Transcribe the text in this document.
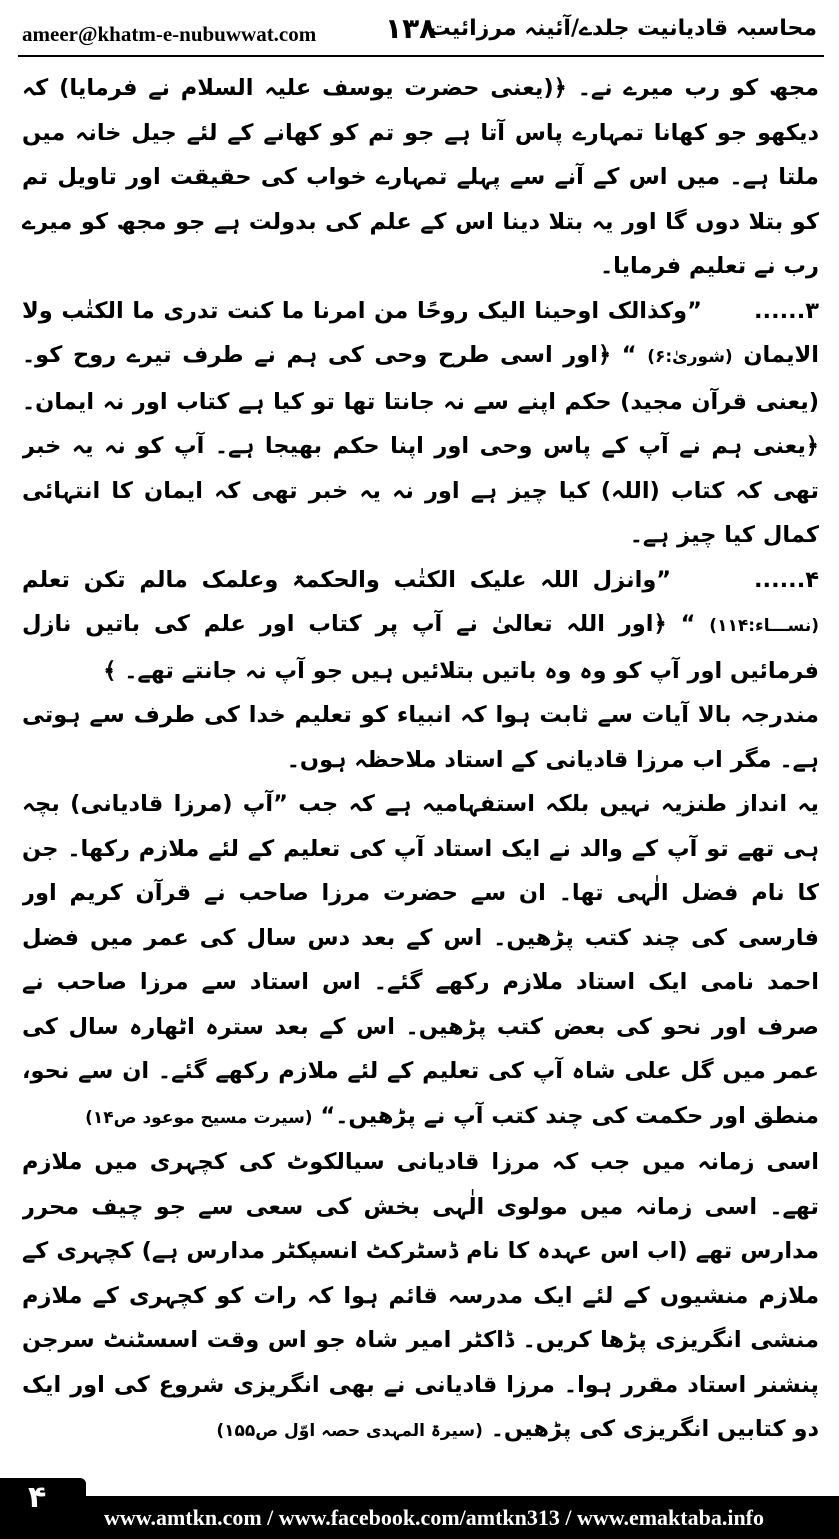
ameer@khatm-e-nubuwwat.com ۱۳۸
محاسبہ قادیانیت جلدے/آئینہ مرزائیت

مجھ کو رب میرے نے۔ ﴿(یعنی حضرت یوسف علیہ السلام نے فرمایا) کہ دیکھو جو کھانا تمہارے پاس آتا ہے جو تم کو کھانے کے لئے جیل خانہ میں ملتا ہے۔ میں اس کے آنے سے پہلے تمہارے خواب کی حقیقت اور تاویل تم کو بتلا دوں گا اور یہ بتلا دینا اس کے علم کی بدولت ہے جو مجھ کو میرے رب نے تعلیم فرمایا۔

۳......      ”وکذالک اوحینا الیک روحًا من امرنا ما کنت تدری ما الکتٰب ولا الایمان (شوریٰ:۶) “ ﴿اور اسی طرح وحی کی ہم نے طرف تیرے روح کو۔ (یعنی قرآن مجید) حکم اپنے سے نہ جانتا تھا تو کیا ہے کتاب اور نہ ایمان۔ ﴿یعنی ہم نے آپ کے پاس وحی اور اپنا حکم بھیجا ہے۔ آپ کو نہ یہ خبر تھی کہ کتاب (اللہ) کیا چیز ہے اور نہ یہ خبر تھی کہ ایمان کا انتہائی کمال کیا چیز ہے۔

۴......      ”وانزل اللہ علیک الکتٰب والحکمۃ وعلمک مالم تکن تعلم (نســـاء:۱۱۴) “ ﴿اور اللہ تعالیٰ نے آپ پر کتاب اور علم کی باتیں نازل فرمائیں اور آپ کو وہ وہ باتیں بتلائیں ہیں جو آپ نہ جانتے تھے۔ ﴾

مندرجہ بالا آیات سے ثابت ہوا کہ انبیاء کو تعلیم خدا کی طرف سے ہوتی ہے۔ مگر اب مرزا قادیانی کے استاد ملاحظہ ہوں۔

یہ انداز طنزیہ نہیں بلکہ استفہامیہ ہے کہ جب ”آپ (مرزا قادیانی) بچہ ہی تھے تو آپ کے والد نے ایک استاد آپ کی تعلیم کے لئے ملازم رکھا۔ جن کا نام فضل الٰہی تھا۔ ان سے حضرت مرزا صاحب نے قرآن کریم اور فارسی کی چند کتب پڑھیں۔ اس کے بعد دس سال کی عمر میں فضل احمد نامی ایک استاد ملازم رکھے گئے۔ اس استاد سے مرزا صاحب نے صرف اور نحو کی بعض کتب پڑھیں۔ اس کے بعد سترہ اٹھارہ سال کی عمر میں گل علی شاہ آپ کی تعلیم کے لئے ملازم رکھے گئے۔ ان سے نحو، منطق اور حکمت کی چند کتب آپ نے پڑھیں۔“ (سیرت مسیح موعود ص۱۴)

اسی زمانہ میں جب کہ مرزا قادیانی سیالکوٹ کی کچہری میں ملازم تھے۔ اسی زمانہ میں مولوی الٰہی بخش کی سعی سے جو چیف محرر مدارس تھے (اب اس عہدہ کا نام ڈسٹرکٹ انسپکٹر مدارس ہے) کچہری کے ملازم منشیوں کے لئے ایک مدرسہ قائم ہوا کہ رات کو کچہری کے ملازم منشی انگریزی پڑھا کریں۔ ڈاکٹر امیر شاہ جو اس وقت اسسٹنٹ سرجن پنشنر استاد مقرر ہوا۔ مرزا قادیانی نے بھی انگریزی شروع کی اور ایک دو کتابیں انگریزی کی پڑھیں۔ (سیرۃ المہدی حصہ اوّل ص۱۵۵)

۴
www.amtkn.com / www.facebook.com/amtkn313 / www.emaktaba.info
